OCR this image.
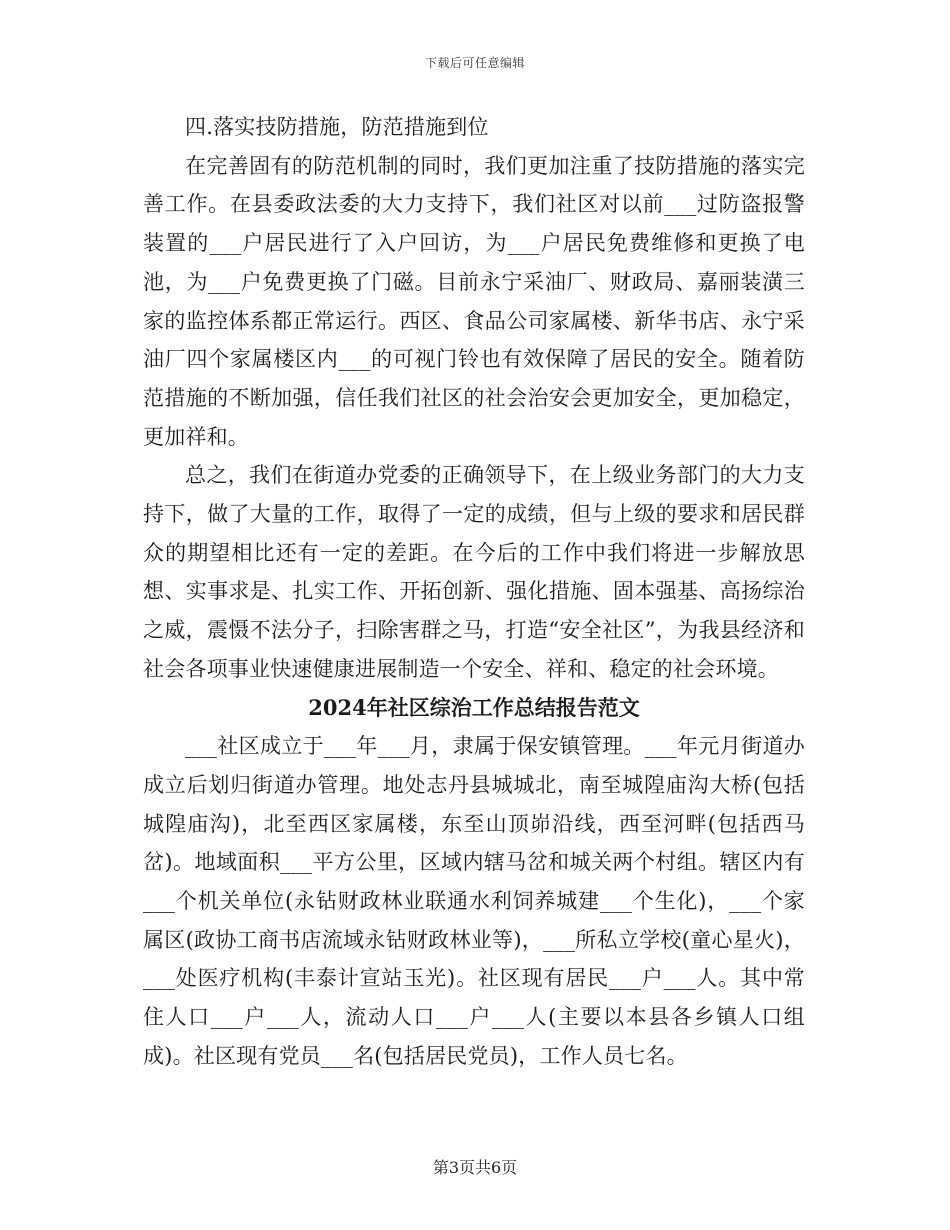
下载后可任意编辑

四.落实技防措施，防范措施到位

在完善固有的防范机制的同时，我们更加注重了技防措施的落实完善工作。在县委政法委的大力支持下，我们社区对以前___过防盗报警装置的___户居民进行了入户回访，为___户居民免费维修和更换了电池，为___户免费更换了门磁。目前永宁采油厂、财政局、嘉丽装潢三家的监控体系都正常运行。西区、食品公司家属楼、新华书店、永宁采油厂四个家属楼区内___的可视门铃也有效保障了居民的安全。随着防范措施的不断加强，信任我们社区的社会治安会更加安全，更加稳定，更加祥和。

总之，我们在街道办党委的正确领导下，在上级业务部门的大力支持下，做了大量的工作，取得了一定的成绩，但与上级的要求和居民群众的期望相比还有一定的差距。在今后的工作中我们将进一步解放思想、实事求是、扎实工作、开拓创新、强化措施、固本强基、高扬综治之威，震慑不法分子，扫除害群之马，打造“安全社区”，为我县经济和社会各项事业快速健康进展制造一个安全、祥和、稳定的社会环境。

2024年社区综治工作总结报告范文

___社区成立于___年___月，隶属于保安镇管理。___年元月街道办成立后划归街道办管理。地处志丹县城城北，南至城隍庙沟大桥(包括城隍庙沟)，北至西区家属楼，东至山顶峁沿线，西至河畔(包括西马岔)。地域面积___平方公里，区域内辖马岔和城关两个村组。辖区内有___个机关单位(永钻财政林业联通水利饲养城建___个生化)，___个家属区(政协工商书店流域永钻财政林业等)，___所私立学校(童心星火)，___处医疗机构(丰泰计宣站玉光)。社区现有居民___户___人。其中常住人口___户___人，流动人口___户___人(主要以本县各乡镇人口组成)。社区现有党员___名(包括居民党员)，工作人员七名。

第3页共6页
